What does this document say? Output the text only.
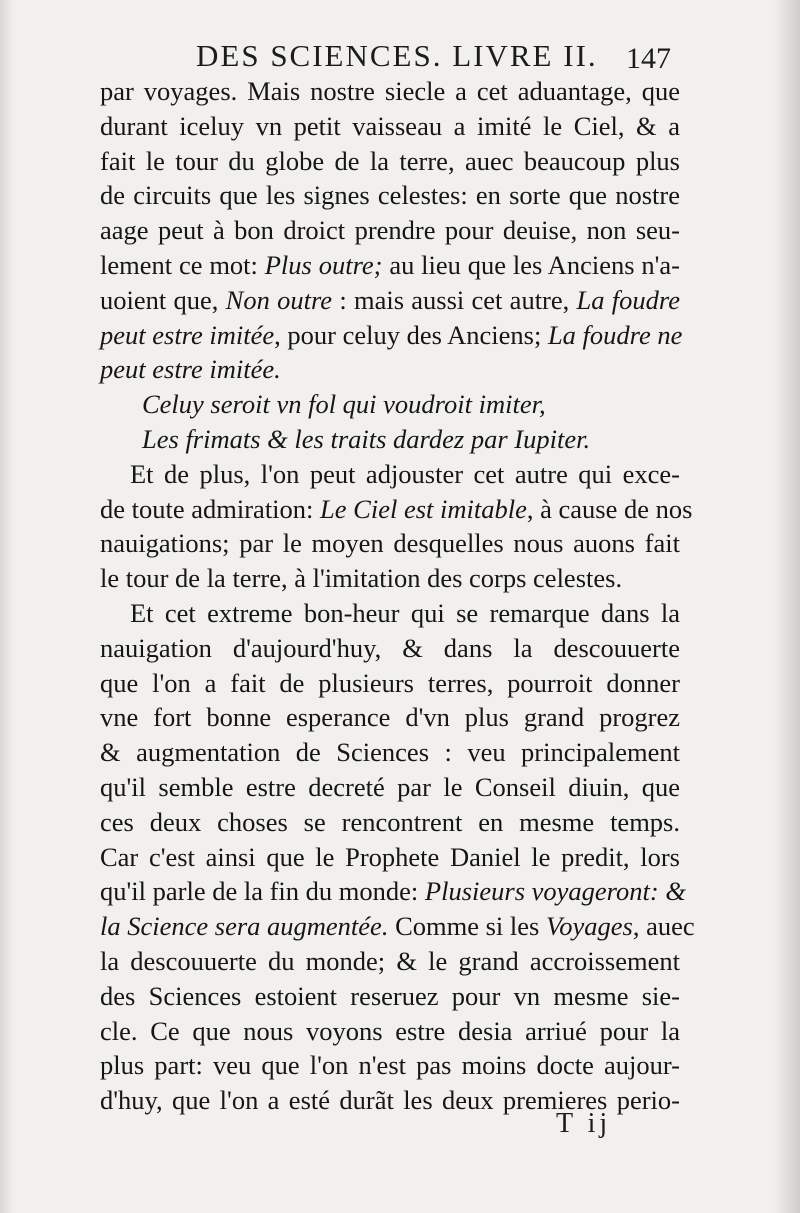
DES SCIENCES. LIVRE II. 147
par voyages. Mais nostre siecle a cet aduantage, que
durant iceluy vn petit vaisseau a imité le Ciel, & a
fait le tour du globe de la terre, auec beaucoup plus
de circuits que les signes celestes: en sorte que nostre
aage peut à bon droict prendre pour deuise, non seu-
lement ce mot: Plus outre; au lieu que les Anciens n'a-
uoient que, Non outre : mais aussi cet autre, La foudre
peut estre imitée, pour celuy des Anciens; La foudre ne
peut estre imitée.
Celuy seroit vn fol qui voudroit imiter,
Les frimats & les traits dardez par Iupiter.
Et de plus, l'on peut adjouster cet autre qui exce-
de toute admiration: Le Ciel est imitable, à cause de nos
nauigations; par le moyen desquelles nous auons fait
le tour de la terre, à l'imitation des corps celestes.
Et cet extreme bon-heur qui se remarque dans la
nauigation d'aujourd'huy, & dans la descouuerte
que l'on a fait de plusieurs terres, pourroit donner
vne fort bonne esperance d'vn plus grand progrez
& augmentation de Sciences : veu principalement
qu'il semble estre decreté par le Conseil diuin, que
ces deux choses se rencontrent en mesme temps.
Car c'est ainsi que le Prophete Daniel le predit, lors
qu'il parle de la fin du monde: Plusieurs voyageront: &
la Science sera augmentée. Comme si les Voyages, auec
la descouuerte du monde; & le grand accroissement
des Sciences estoient reseruez pour vn mesme sie-
cle. Ce que nous voyons estre desia arriué pour la
plus part: veu que l'on n'est pas moins docte aujour-
d'huy, que l'on a esté durãt les deux premieres perio-
T ij
